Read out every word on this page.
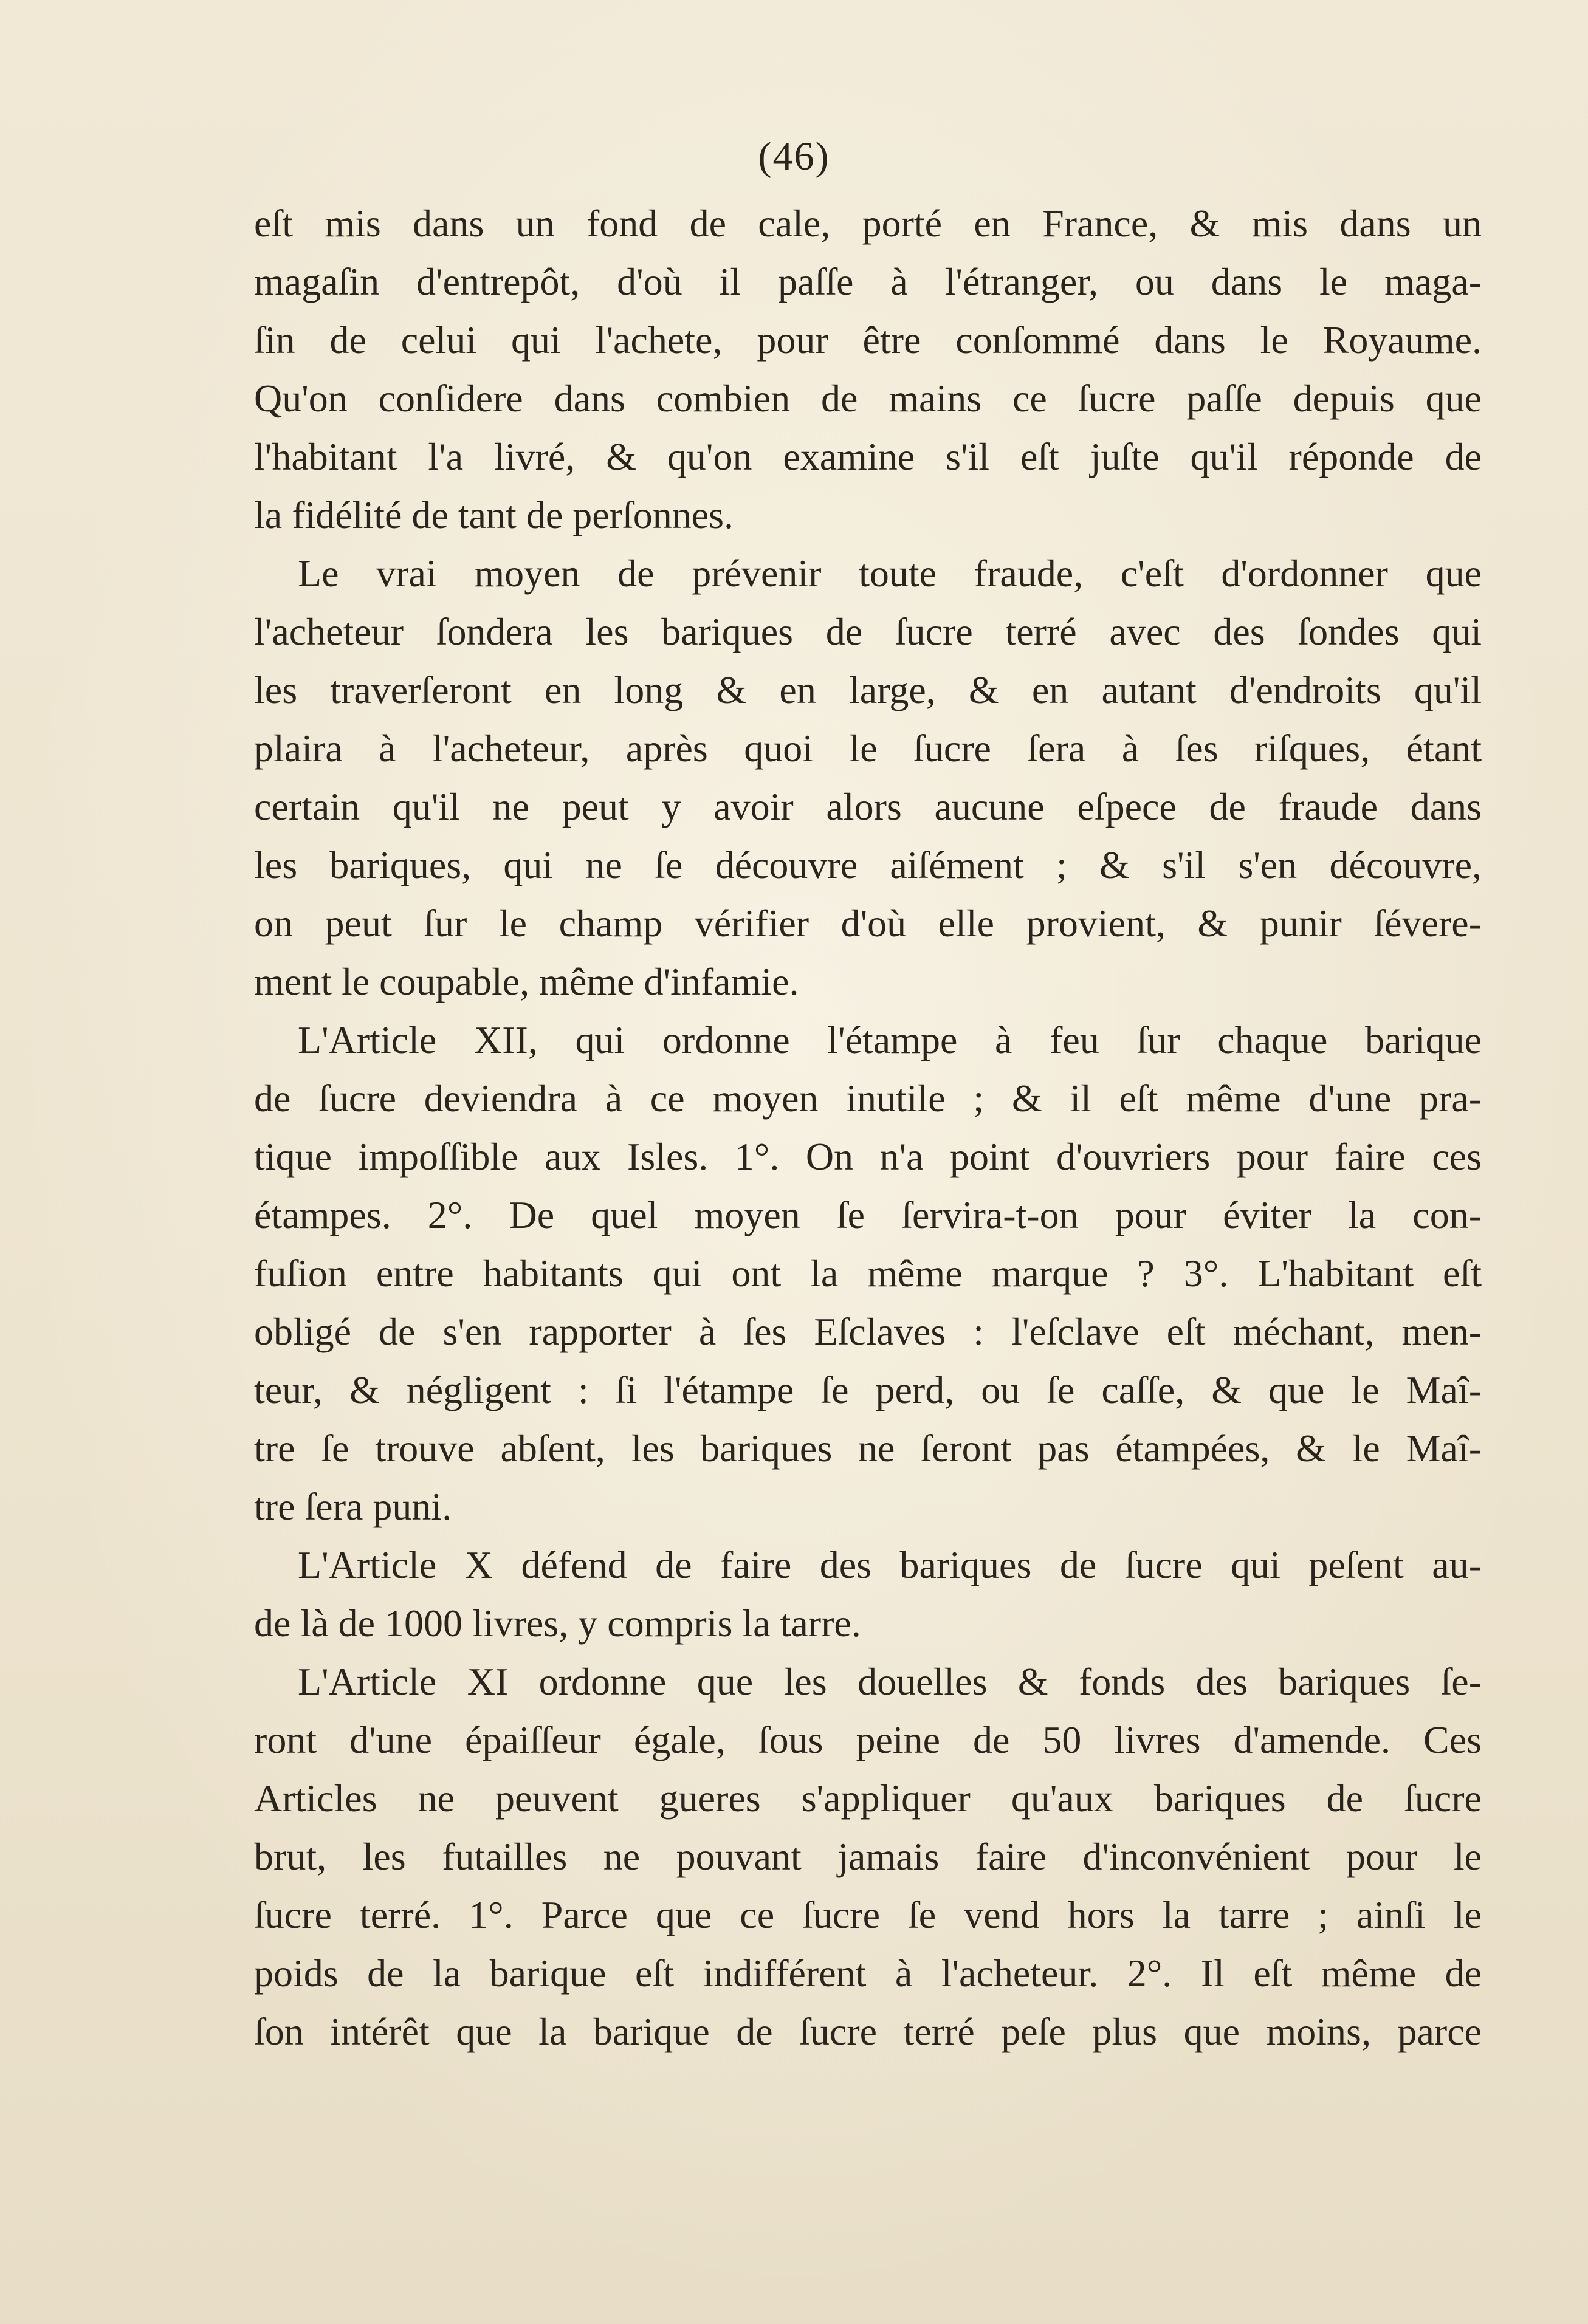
(46)
eſt mis dans un fond de cale, porté en France, & mis dans un
magaſin d'entrepôt, d'où il paſſe à l'étranger, ou dans le maga-
ſin de celui qui l'achete, pour être conſommé dans le Royaume.
Qu'on conſidere dans combien de mains ce ſucre paſſe depuis que
l'habitant l'a livré, & qu'on examine s'il eſt juſte qu'il réponde de
la fidélité de tant de perſonnes.
Le vrai moyen de prévenir toute fraude, c'eſt d'ordonner que
l'acheteur ſondera les bariques de ſucre terré avec des ſondes qui
les traverſeront en long & en large, & en autant d'endroits qu'il
plaira à l'acheteur, après quoi le ſucre ſera à ſes riſques, étant
certain qu'il ne peut y avoir alors aucune eſpece de fraude dans
les bariques, qui ne ſe découvre aiſément ; & s'il s'en découvre,
on peut ſur le champ vérifier d'où elle provient, & punir ſévere-
ment le coupable, même d'infamie.
L'Article XII, qui ordonne l'étampe à feu ſur chaque barique
de ſucre deviendra à ce moyen inutile ; & il eſt même d'une pra-
tique impoſſible aux Isles. 1°. On n'a point d'ouvriers pour faire ces
étampes. 2°. De quel moyen ſe ſervira-t-on pour éviter la con-
fuſion entre habitants qui ont la même marque ? 3°. L'habitant eſt
obligé de s'en rapporter à ſes Eſclaves : l'eſclave eſt méchant, men-
teur, & négligent : ſi l'étampe ſe perd, ou ſe caſſe, & que le Maî-
tre ſe trouve abſent, les bariques ne ſeront pas étampées, & le Maî-
tre ſera puni.
L'Article X défend de faire des bariques de ſucre qui peſent au-
de là de 1000 livres, y compris la tarre.
L'Article XI ordonne que les douelles & fonds des bariques ſe-
ront d'une épaiſſeur égale, ſous peine de 50 livres d'amende. Ces
Articles ne peuvent gueres s'appliquer qu'aux bariques de ſucre
brut, les futailles ne pouvant jamais faire d'inconvénient pour le
ſucre terré. 1°. Parce que ce ſucre ſe vend hors la tarre ; ainſi le
poids de la barique eſt indifférent à l'acheteur. 2°. Il eſt même de
ſon intérêt que la barique de ſucre terré peſe plus que moins, parce
